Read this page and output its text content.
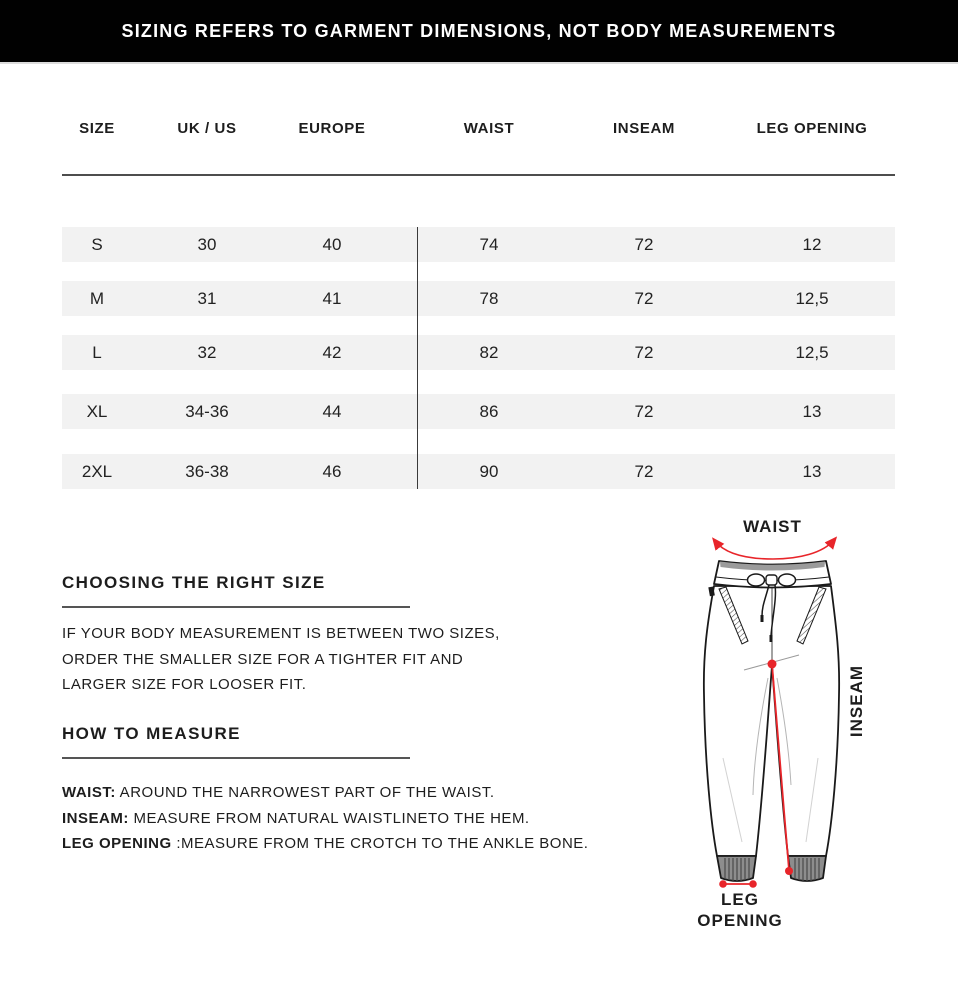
SIZING REFERS TO GARMENT DIMENSIONS, NOT BODY MEASUREMENTS
SIZE	UK / US	EUROPE	WAIST	INSEAM	LEG OPENING
S	30	40	74	72	12
M	31	41	78	72	12,5
L	32	42	82	72	12,5
XL	34-36	44	86	72	13
2XL	36-38	46	90	72	13
CHOOSING THE RIGHT SIZE
IF YOUR BODY MEASUREMENT IS BETWEEN TWO SIZES,
ORDER THE SMALLER SIZE FOR A TIGHTER FIT AND
LARGER SIZE FOR LOOSER FIT.
HOW TO MEASURE
WAIST: AROUND THE NARROWEST PART OF THE WAIST.
INSEAM: MEASURE FROM NATURAL WAISTLINETO THE HEM.
LEG OPENING :MEASURE FROM THE CROTCH TO THE ANKLE BONE.
WAIST
INSEAM
LEG
OPENING
